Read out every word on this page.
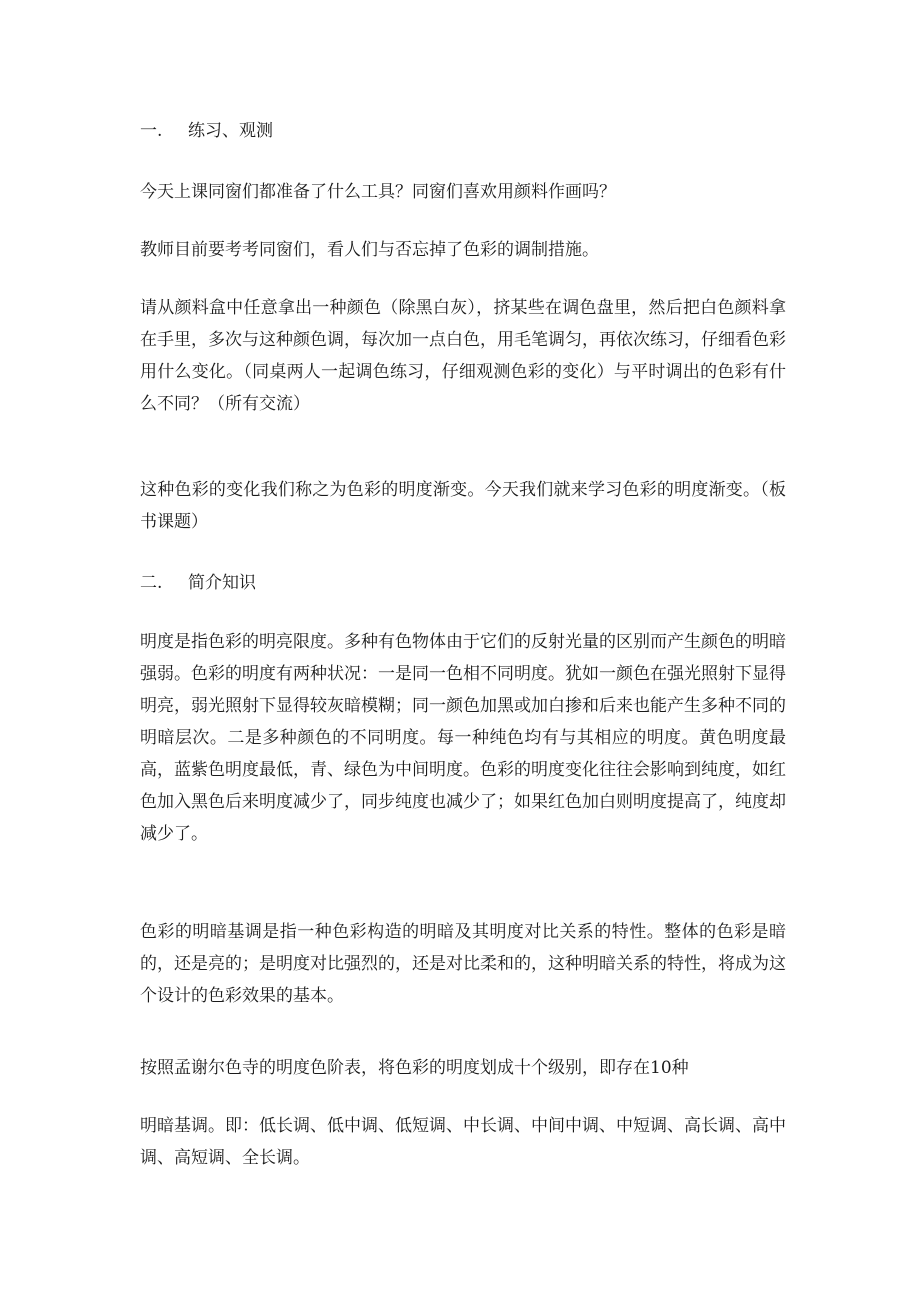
一. 练习、观测

今天上课同窗们都准备了什么工具？同窗们喜欢用颜料作画吗？

教师目前要考考同窗们，看人们与否忘掉了色彩的调制措施。

请从颜料盒中任意拿出一种颜色（除黑白灰），挤某些在调色盘里，然后把白色颜料拿在手里，多次与这种颜色调，每次加一点白色，用毛笔调匀，再依次练习，仔细看色彩用什么变化。（同桌两人一起调色练习，仔细观测色彩的变化）与平时调出的色彩有什么不同？（所有交流）

这种色彩的变化我们称之为色彩的明度渐变。今天我们就来学习色彩的明度渐变。（板书课题）

二. 简介知识

明度是指色彩的明亮限度。多种有色物体由于它们的反射光量的区别而产生颜色的明暗强弱。色彩的明度有两种状况：一是同一色相不同明度。犹如一颜色在强光照射下显得明亮，弱光照射下显得较灰暗模糊；同一颜色加黑或加白掺和后来也能产生多种不同的明暗层次。二是多种颜色的不同明度。每一种纯色均有与其相应的明度。黄色明度最高，蓝紫色明度最低，青、绿色为中间明度。色彩的明度变化往往会影响到纯度，如红色加入黑色后来明度减少了，同步纯度也减少了；如果红色加白则明度提高了，纯度却减少了。

色彩的明暗基调是指一种色彩构造的明暗及其明度对比关系的特性。整体的色彩是暗的，还是亮的；是明度对比强烈的，还是对比柔和的，这种明暗关系的特性，将成为这个设计的色彩效果的基本。

按照孟谢尔色寺的明度色阶表，将色彩的明度划成十个级别，即存在10种

明暗基调。即：低长调、低中调、低短调、中长调、中间中调、中短调、高长调、高中调、高短调、全长调。
